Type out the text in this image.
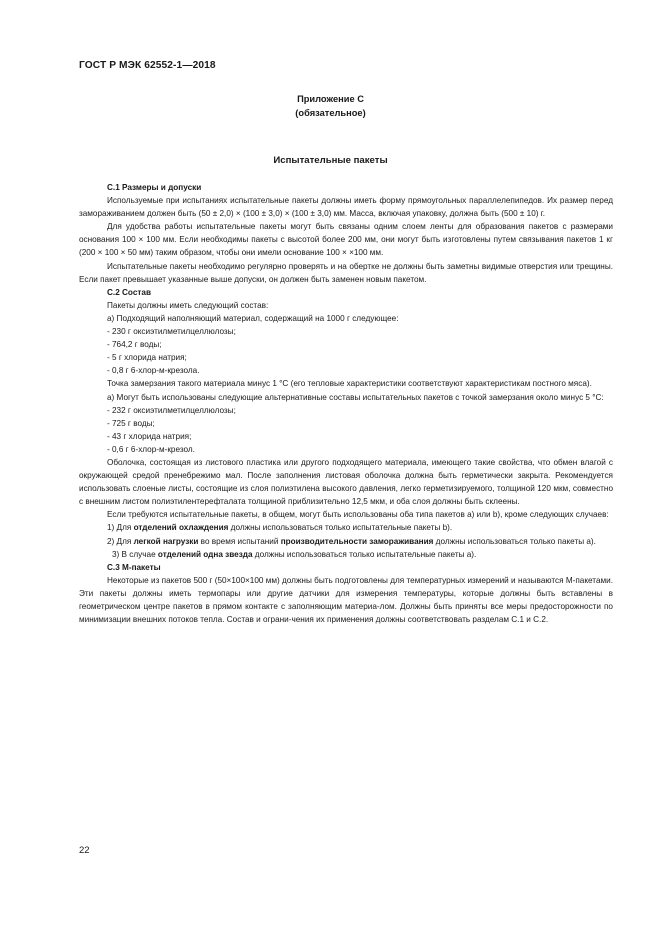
ГОСТ Р МЭК 62552-1—2018
Приложение С
(обязательное)
Испытательные пакеты

С.1 Размеры и допуски

Используемые при испытаниях испытательные пакеты должны иметь форму прямоугольных параллелепипедов. Их размер перед замораживанием должен быть (50 ± 2,0) × (100 ± 3,0) × (100 ± 3,0) мм. Масса, включая упаковку, должна быть (500 ± 10) г.

Для удобства работы испытательные пакеты могут быть связаны одним слоем ленты для образования пакетов с размерами основания 100 × 100 мм. Если необходимы пакеты с высотой более 200 мм, они могут быть изготовлены путем связывания пакетов 1 кг (200 × 100 × 50 мм) таким образом, чтобы они имели основание 100 × ×100 мм.

Испытательные пакеты необходимо регулярно проверять и на обертке не должны быть заметны видимые отверстия или трещины. Если пакет превышает указанные выше допуски, он должен быть заменен новым пакетом.

С.2 Состав

Пакеты должны иметь следующий состав:

а) Подходящий наполняющий материал, содержащий на 1000 г следующее:

- 230 г оксиэтилметилцеллюлозы;

- 764,2 г воды;

- 5 г хлорида натрия;

- 0,8 г 6-хлор-м-крезола.

Точка замерзания такого материала минус 1 °С (его тепловые характеристики соответствуют характеристикам постного мяса).

а) Могут быть использованы следующие альтернативные составы испытательных пакетов с точкой замерзания около минус 5 °С:

- 232 г оксиэтилметилцеллюлозы;

- 725 г воды;

- 43 г хлорида натрия;

- 0,6 г 6-хлор-м-крезол.

Оболочка, состоящая из листового пластика или другого подходящего материала, имеющего такие свойства, что обмен влагой с окружающей средой пренебрежимо мал. После заполнения листовая оболочка должна быть герметически закрыта. Рекомендуется использовать слоеные листы, состоящие из слоя полиэтилена высокого давления, легко герметизируемого, толщиной 120 мкм, совместно с внешним листом полиэтилентерефталата толщиной приблизительно 12,5 мкм, и оба слоя должны быть склеены.

Если требуются испытательные пакеты, в общем, могут быть использованы оба типа пакетов а) или b), кроме следующих случаев:

1) Для отделений охлаждения должны использоваться только испытательные пакеты b).

2) Для легкой нагрузки во время испытаний производительности замораживания должны использоваться только пакеты а).

3) В случае отделений одна звезда должны использоваться только испытательные пакеты а).

С.3 М-пакеты

Некоторые из пакетов 500 г (50×100×100 мм) должны быть подготовлены для температурных измерений и называются М-пакетами. Эти пакеты должны иметь термопары или другие датчики для измерения температуры, которые должны быть вставлены в геометрическом центре пакетов в прямом контакте с заполняющим материа-лом. Должны быть приняты все меры предосторожности по минимизации внешних потоков тепла. Состав и ограни-чения их применения должны соответствовать разделам С.1 и С.2.

22
